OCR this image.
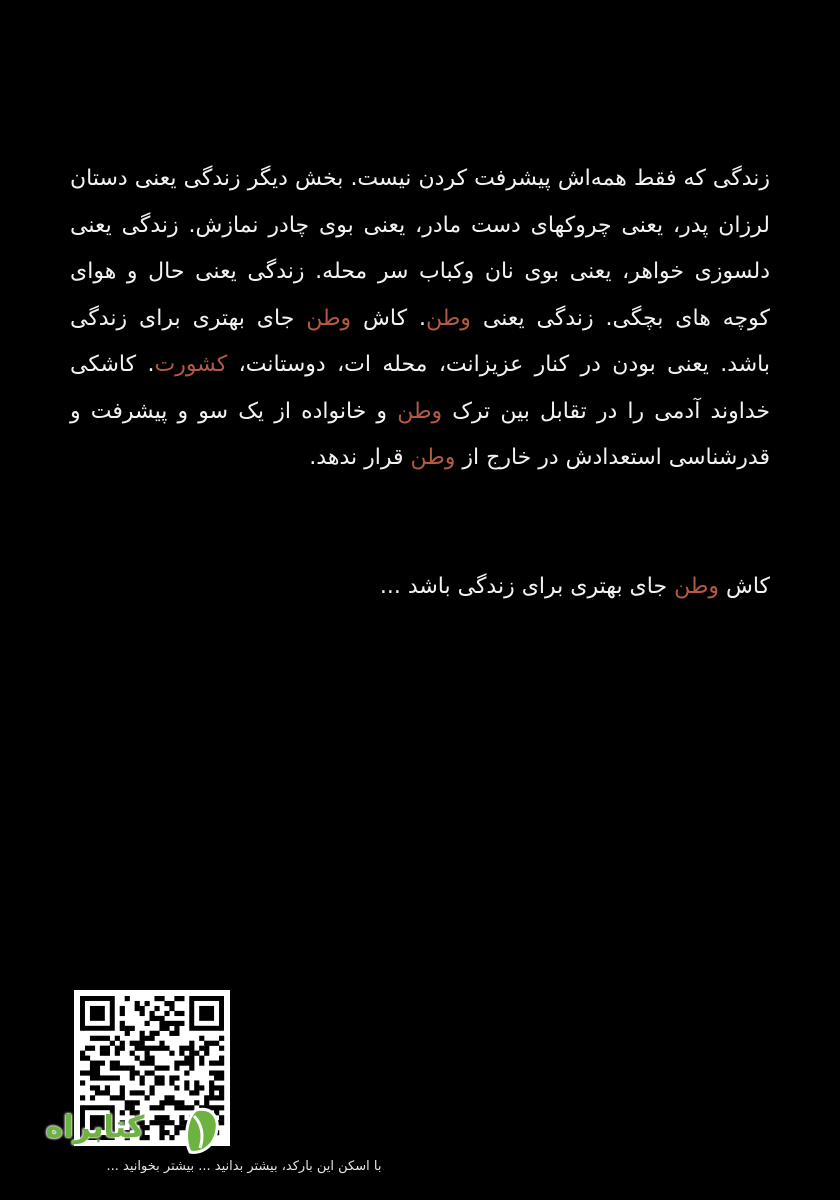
زندگی که فقط همه‌اش پیشرفت کردن نیست. بخش دیگر زندگی یعنی دستان لرزان پدر، یعنی چروکهای دست مادر، یعنی بوی چادر نمازش. زندگی یعنی دلسوزی خواهر، یعنی بوی نان وکباب سر محله. زندگی یعنی حال و هوای کوچه های بچگی. زندگی یعنی وطن. کاش وطن جای بهتری برای زندگی باشد. یعنی بودن در کنار عزیزانت، محله ات، دوستانت، کشورت. کاشکی خداوند آدمی را در تقابل بین ترک وطن و خانواده از یک سو و پیشرفت و قدرشناسی استعدادش در خارج از وطن قرار ندهد.
کاش وطن جای بهتری برای زندگی باشد ...
کتابراه
با اسکن این بارکد، بیشتر بدانید ... بیشتر بخوانید ...
